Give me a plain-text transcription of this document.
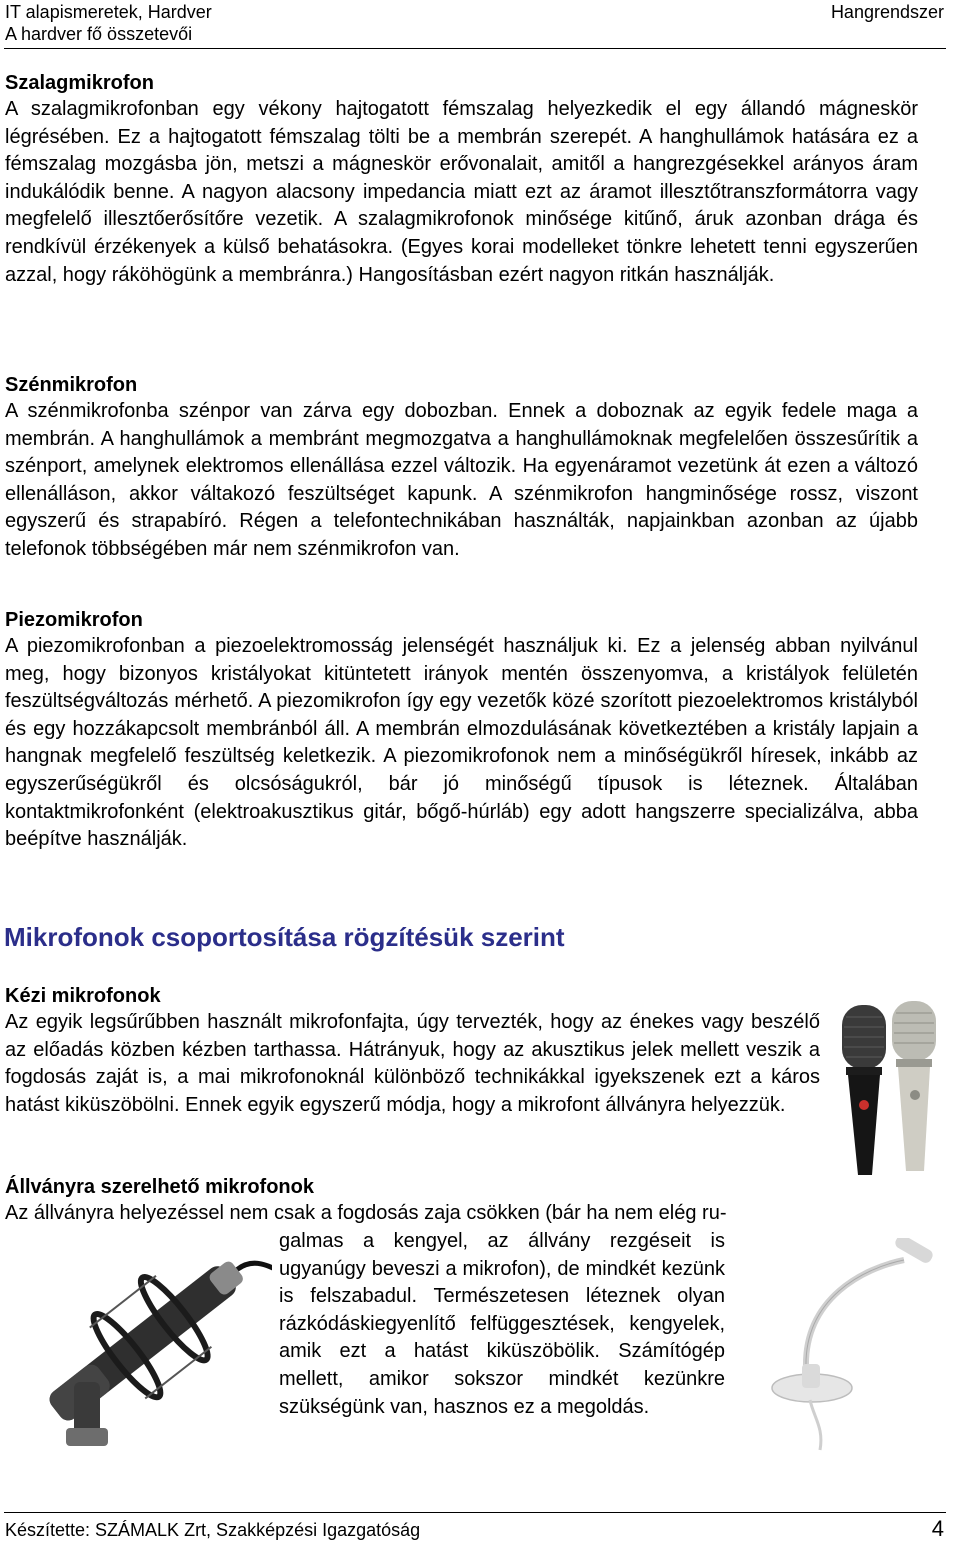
IT alapismeretek, Hardver
A hardver fő összetevői
Hangrendszer
Szalagmikrofon
A szalagmikrofonban egy vékony hajtogatott fémszalag helyezkedik el egy állandó mágneskör légrésében. Ez a hajtogatott fémszalag tölti be a membrán szerepét. A hanghullámok hatására ez a fémszalag mozgásba jön, metszi a mágneskör erővonalait, amitől a hangrezgésekkel arányos áram indukálódik benne. A nagyon alacsony impedancia miatt ezt az áramot illesztőtranszformátorra vagy megfelelő illesztőerősítőre vezetik. A szalagmikrofonok minősége kitűnő, áruk azonban drága és rendkívül érzékenyek a külső behatásokra. (Egyes korai modelleket tönkre lehetett tenni egyszerűen azzal, hogy ráköhögünk a membránra.) Hangosításban ezért nagyon ritkán használják.
Szénmikrofon
A szénmikrofonba szénpor van zárva egy dobozban. Ennek a doboznak az egyik fedele maga a membrán. A hanghullámok a membránt megmozgatva a hanghullámoknak megfelelően összesűrítik a szénport, amelynek elektromos ellenállása ezzel változik. Ha egyenáramot vezetünk át ezen a változó ellenálláson, akkor váltakozó feszültséget kapunk. A szénmikrofon hangminősége rossz, viszont egyszerű és strapabíró. Régen a telefontechnikában használták, napjainkban azonban az újabb telefonok többségében már nem szénmikrofon van.
Piezomikrofon
A piezomikrofonban a piezoelektromosság jelenségét használjuk ki. Ez a jelenség abban nyilvánul meg, hogy bizonyos kristályokat kitüntetett irányok mentén összenyomva, a kristályok felületén feszültségváltozás mérhető. A piezomikrofon így egy vezetők közé szorított piezoelektromos kristályból és egy hozzákapcsolt membránból áll. A membrán elmozdulásának következtében a kristály lapjain a hangnak megfelelő feszültség keletkezik. A piezomikrofonok nem a minőségükről híresek, inkább az egyszerűségükről és olcsóságukról, bár jó minőségű típusok is léteznek. Általában kontaktmikrofonként (elektroakusztikus gitár, bőgő-húrláb) egy adott hangszerre specializálva, abba beépítve használják.
Mikrofonok csoportosítása rögzítésük szerint
Kézi mikrofonok
Az egyik legsűrűbben használt mikrofonfajta, úgy tervezték, hogy az énekes vagy beszélő az előadás közben kézben tarthassa. Hátrányuk, hogy az akusztikus jelek mellett veszik a fogdosás zaját is, a mai mikrofonoknál különböző technikákkal igyekszenek ezt a káros hatást kiküszöbölni. Ennek egyik egyszerű módja, hogy a mikrofont állványra helyezzük.
Állványra szerelhető mikrofonok
Az állványra helyezéssel nem csak a fogdosás zaja csökken (bár ha nem elég ru-
galmas a kengyel, az állvány rezgéseit is ugyanúgy beveszi a mikrofon), de mindkét kezünk is felszabadul. Természetesen léteznek olyan rázkódáskiegyenlítő felfüggesztések, kengyelek, amik ezt a hatást kiküszöbölik. Számítógép mellett, amikor sokszor mindkét kezünkre szükségünk van, hasznos ez a megoldás.
Készítette: SZÁMALK Zrt, Szakképzési Igazgatóság	4
